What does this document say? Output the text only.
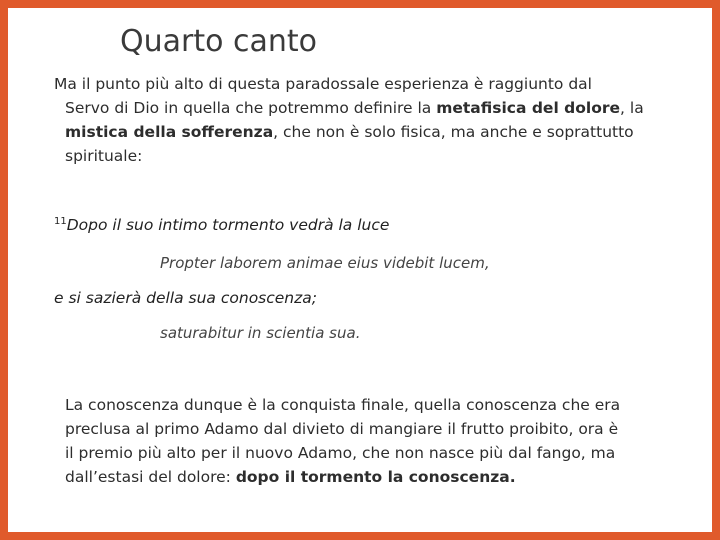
Quarto canto
Ma il punto più alto di questa paradossale esperienza è raggiunto dal
Servo di Dio in quella che potremmo definire la metafisica del dolore, la
mistica della sofferenza, che non è solo fisica, ma anche e soprattutto
spirituale:
$^{11}$Dopo il suo intimo tormento vedrà la luce
Propter laborem animae eius videbit lucem,
e si sazierà della sua conoscenza;
saturabitur in scientia sua.
La conoscenza dunque è la conquista finale, quella conoscenza che era
preclusa al primo Adamo dal divieto di mangiare il frutto proibito, ora è
il premio più alto per il nuovo Adamo, che non nasce più dal fango, ma
dall’estasi del dolore: dopo il tormento la conoscenza.
